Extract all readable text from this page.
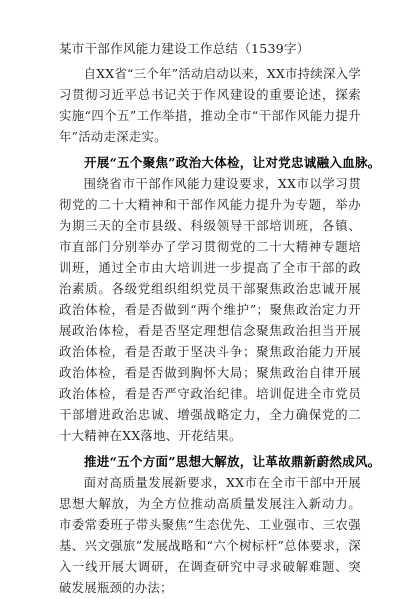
某市干部作风能力建设工作总结（1539字）

自XX省“三个年”活动启动以来，XX市持续深入学习贯彻习近平总书记关于作风建设的重要论述，探索实施“四个五”工作举措，推动全市“干部作风能力提升年”活动走深走实。

开展“五个聚焦”政治大体检，让对党忠诚融入血脉。

围绕省市干部作风能力建设要求，XX市以学习贯彻党的二十大精神和干部作风能力提升为专题，举办为期三天的全市县级、科级领导干部培训班，各镇、市直部门分别举办了学习贯彻党的二十大精神专题培训班，通过全市由大培训进一步提高了全市干部的政治素质。各级党组织组织党员干部聚焦政治忠诚开展政治体检，看是否做到“两个维护”；聚焦政治定力开展政治体检，看是否坚定理想信念聚焦政治担当开展政治体检，看是否敢于坚决斗争；聚焦政治能力开展政治体检，看是否做到胸怀大局；聚焦政治自律开展政治体检，看是否严守政治纪律。培训促进全市党员干部增进政治忠诚、增强战略定力，全力确保党的二十大精神在XX落地、开花结果。

推进“五个方面”思想大解放，让革故鼎新蔚然成风。

面对高质量发展新要求，XX市在全市干部中开展思想大解放，为全方位推动高质量发展注入新动力。市委常委班子带头聚焦“生态优先、工业强市、三农强基、兴文强旅”发展战略和“六个树标杆”总体要求，深入一线开展大调研，在调查研究中寻求破解难题、突破发展瓶颈的办法；
